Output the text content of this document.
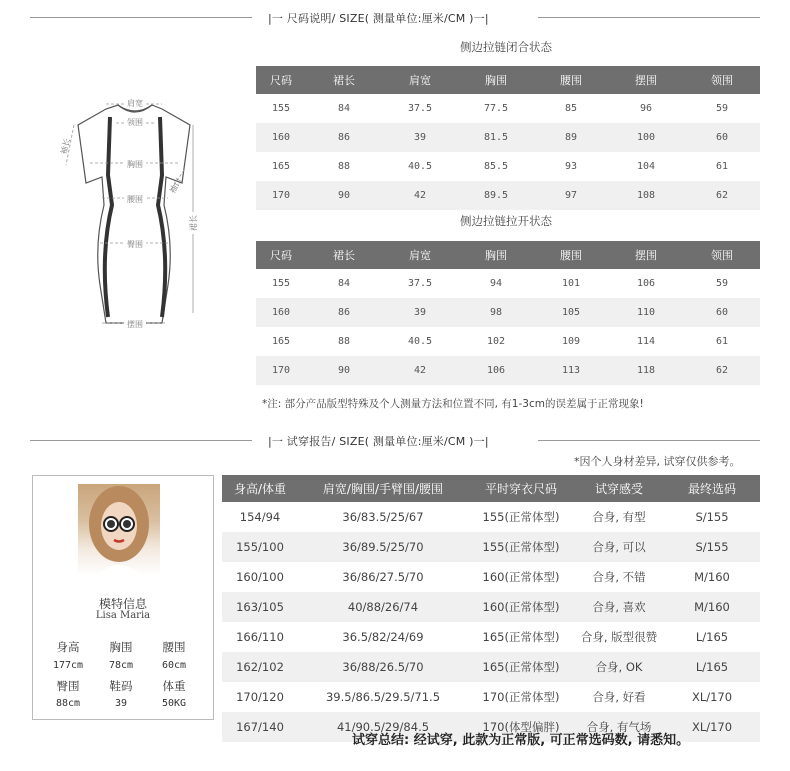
|一 尺码说明/ SIZE( 测量单位:厘米/CM )一|
肩宽
领围
袖长
袖口
胸围
腰围
臀围
裙长
摆围
侧边拉链闭合状态
尺码	裙长	肩宽	胸围	腰围	摆围	领围
155	84	37.5	77.5	85	96	59
160	86	39	81.5	89	100	60
165	88	40.5	85.5	93	104	61
170	90	42	89.5	97	108	62
侧边拉链拉开状态
尺码	裙长	肩宽	胸围	腰围	摆围	领围
155	84	37.5	94	101	106	59
160	86	39	98	105	110	60
165	88	40.5	102	109	114	61
170	90	42	106	113	118	62
*注: 部分产品版型特殊及个人测量方法和位置不同, 有1-3cm的误差属于正常现象!
|一 试穿报告/ SIZE( 测量单位:厘米/CM )一|
*因个人身材差异, 试穿仅供参考。
模特信息
Lisa Maria
身高	胸围	腰围
177cm	78cm	60cm
臀围	鞋码	体重
88cm	39	50KG
身高/体重	肩宽/胸围/手臂围/腰围	平时穿衣尺码	试穿感受	最终选码
154/94	36/83.5/25/67	155(正常体型)	合身, 有型	S/155
155/100	36/89.5/25/70	155(正常体型)	合身, 可以	S/155
160/100	36/86/27.5/70	160(正常体型)	合身, 不错	M/160
163/105	40/88/26/74	160(正常体型)	合身, 喜欢	M/160
166/110	36.5/82/24/69	165(正常体型)	合身, 版型很赞	L/165
162/102	36/88/26.5/70	165(正常体型)	合身, OK	L/165
170/120	39.5/86.5/29.5/71.5	170(正常体型)	合身, 好看	XL/170
167/140	41/90.5/29/84.5	170(体型偏胖)	合身, 有气场	XL/170
试穿总结: 经试穿, 此款为正常版, 可正常选码数, 请悉知。
